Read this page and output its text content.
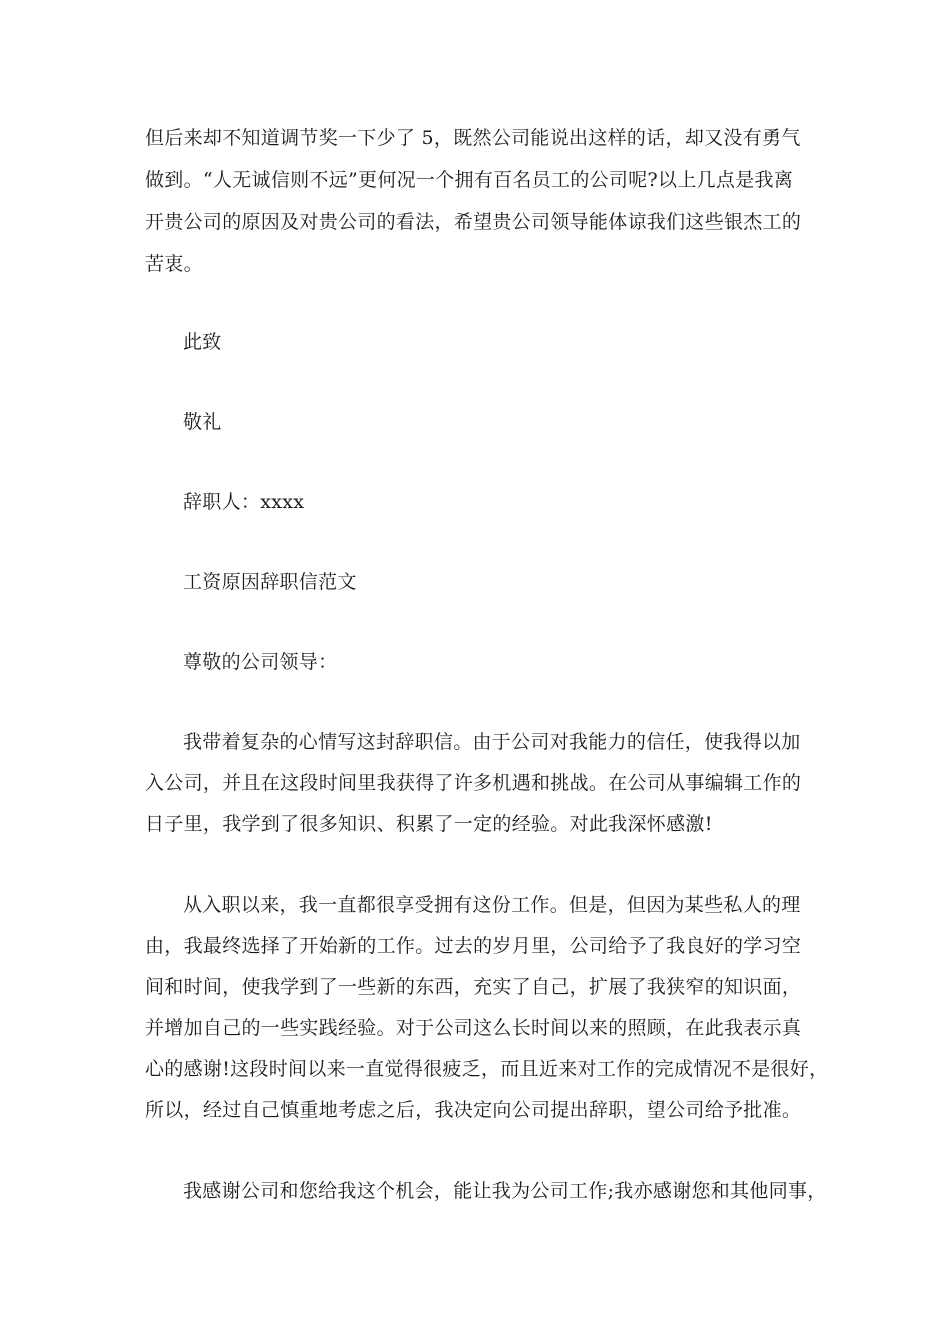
但后来却不知道调节奖一下少了 5，既然公司能说出这样的话，却又没有勇气
做到。“人无诚信则不远”更何况一个拥有百名员工的公司呢?以上几点是我离
开贵公司的原因及对贵公司的看法，希望贵公司领导能体谅我们这些银杰工的
苦衷。
此致
敬礼
辞职人：xxxx
工资原因辞职信范文
尊敬的公司领导：
我带着复杂的心情写这封辞职信。由于公司对我能力的信任，使我得以加
入公司，并且在这段时间里我获得了许多机遇和挑战。在公司从事编辑工作的
日子里，我学到了很多知识、积累了一定的经验。对此我深怀感激!
从入职以来，我一直都很享受拥有这份工作。但是，但因为某些私人的理
由，我最终选择了开始新的工作。过去的岁月里，公司给予了我良好的学习空
间和时间，使我学到了一些新的东西，充实了自己，扩展了我狭窄的知识面，
并增加自己的一些实践经验。对于公司这么长时间以来的照顾，在此我表示真
心的感谢!这段时间以来一直觉得很疲乏，而且近来对工作的完成情况不是很好，
所以，经过自己慎重地考虑之后，我决定向公司提出辞职，望公司给予批准。
我感谢公司和您给我这个机会，能让我为公司工作;我亦感谢您和其他同事，
